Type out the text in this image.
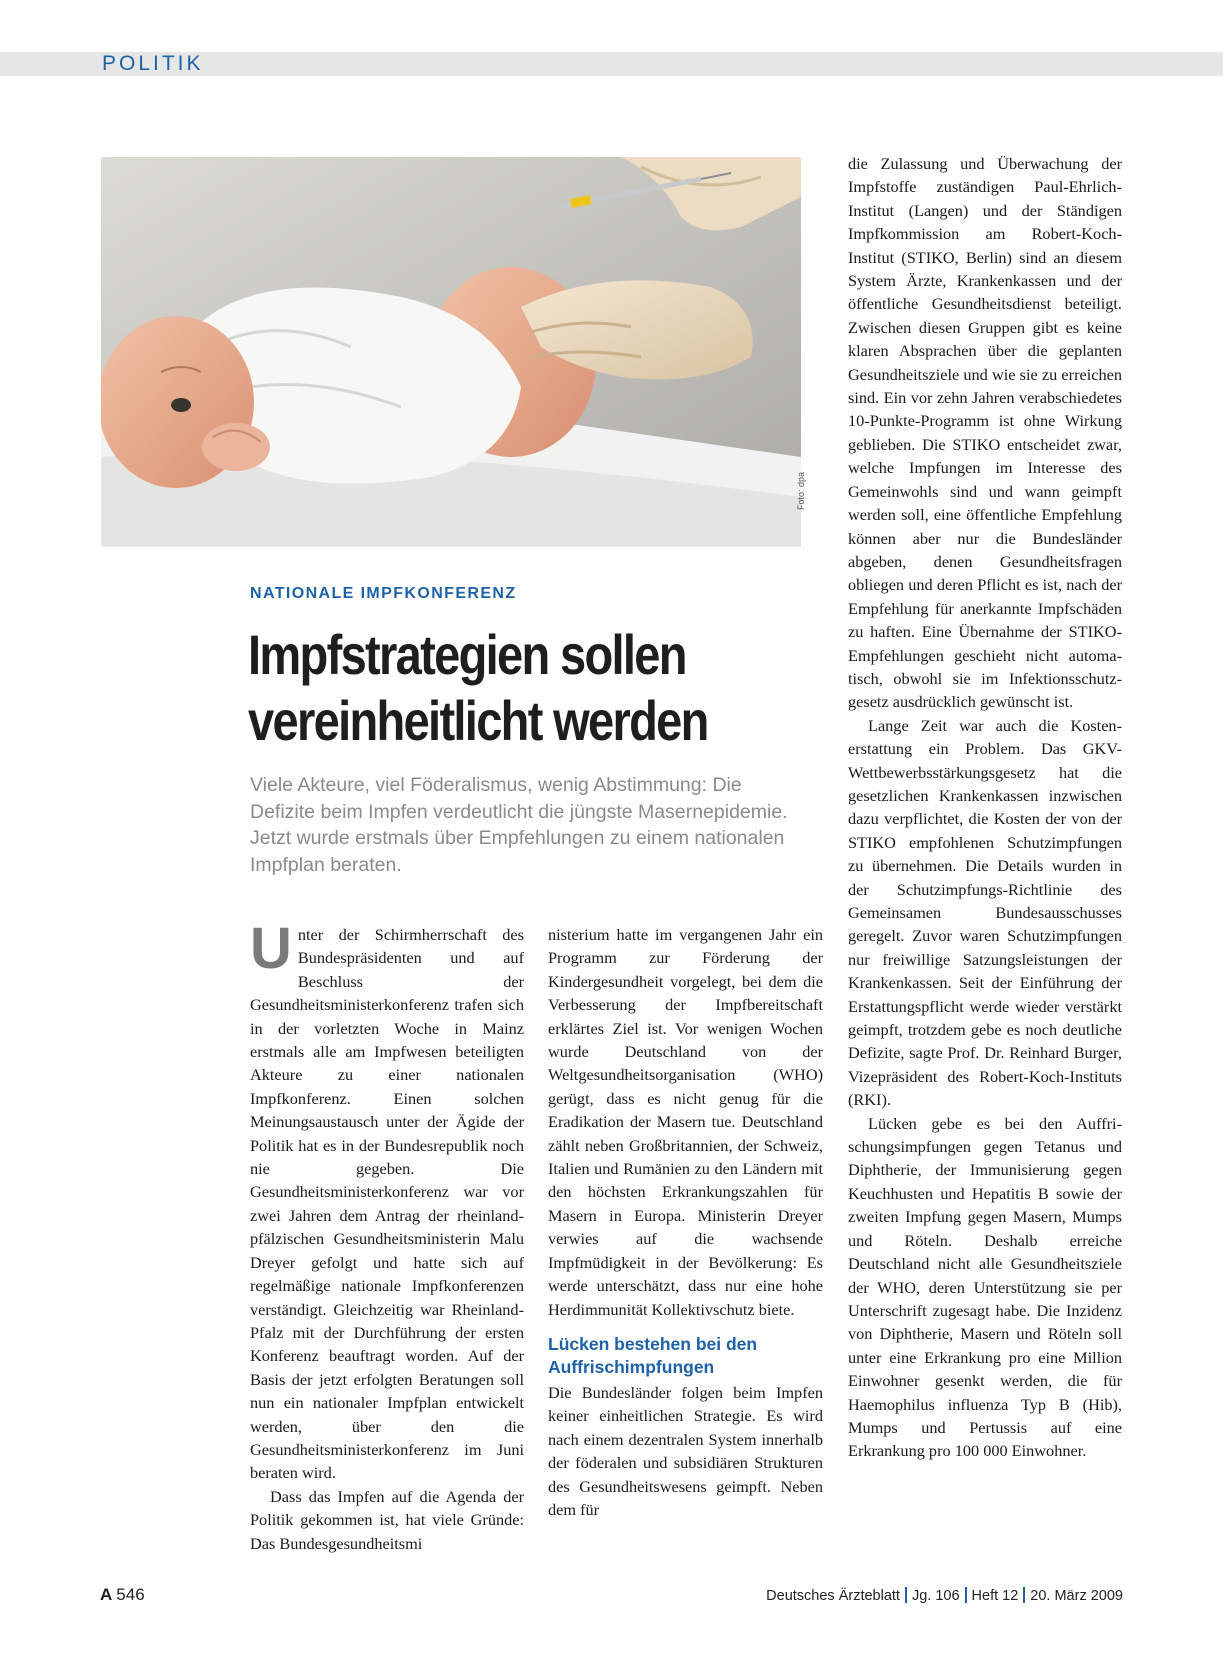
POLITIK
Foto: dpa
NATIONALE IMPFKONFERENZ
Impfstrategien sollen
vereinheitlicht werden

Viele Akteure, viel Föderalismus, wenig Abstimmung: Die Defizite beim Impfen verdeutlicht die jüngste Masernepidemie. Jetzt wurde erstmals über Empfehlungen zu einem nationalen Impfplan beraten.

Unter der Schirmherrschaft des Bundespräsidenten und auf Beschluss der Gesundheitsministerkonferenz trafen sich in der vorletzten Woche in Mainz erstmals alle am Impfwesen beteiligten Akteure zu einer nationalen Impfkonferenz. Einen solchen Meinungsaustausch unter der Ägide der Politik hat es in der Bundesrepublik noch nie gegeben. Die Gesundheitsministerkonferenz war vor zwei Jahren dem Antrag der rheinland-pfälzischen Gesundheitsministerin Malu Dreyer gefolgt und hatte sich auf regelmäßige nationale Impfkonferenzen verständigt. Gleichzeitig war Rheinland-Pfalz mit der Durchführung der ersten Konferenz beauftragt worden. Auf der Basis der jetzt erfolgten Beratungen soll nun ein nationaler Impfplan entwickelt werden, über den die Gesundheitsministerkonferenz im Juni beraten wird.

Dass das Impfen auf die Agenda der Politik gekommen ist, hat viele Gründe: Das Bundesgesundheitsmi

nisterium hatte im vergangenen Jahr ein Programm zur Förderung der Kindergesundheit vorgelegt, bei dem die Verbesserung der Impfbereitschaft erklärtes Ziel ist. Vor wenigen Wochen wurde Deutschland von der Weltgesundheitsorganisation (WHO) gerügt, dass es nicht genug für die Eradikation der Masern tue. Deutschland zählt neben Großbritannien, der Schweiz, Italien und Rumänien zu den Ländern mit den höchsten Erkrankungszahlen für Masern in Europa. Ministerin Dreyer verwies auf die wachsende Impfmüdigkeit in der Bevölkerung: Es werde unterschätzt, dass nur eine hohe Herdimmunität Kollektivschutz biete.

Lücken bestehen bei den Auffrischimpfungen

Die Bundesländer folgen beim Impfen keiner einheitlichen Strategie. Es wird nach einem dezentralen System innerhalb der föderalen und subsidiären Strukturen des Gesundheitswesens geimpft. Neben dem für

die Zulassung und Überwachung der Impfstoffe zuständigen Paul-Ehrlich-Institut (Langen) und der Ständigen Impfkommission am Robert-Koch-Institut (STIKO, Berlin) sind an diesem System Ärzte, Krankenkassen und der öffentliche Gesundheitsdienst beteiligt. Zwischen diesen Gruppen gibt es keine klaren Absprachen über die geplanten Gesundheitsziele und wie sie zu erreichen sind. Ein vor zehn Jahren verabschiedetes 10-Punkte-Programm ist ohne Wirkung geblieben. Die STIKO entscheidet zwar, welche Impfungen im Interesse des Gemeinwohls sind und wann geimpft werden soll, eine öffentliche Empfehlung können aber nur die Bundesländer abgeben, denen Gesundheitsfragen obliegen und deren Pflicht es ist, nach der Empfehlung für anerkannte Impfschäden zu haften. Eine Übernahme der STIKO-Empfehlungen geschieht nicht automatisch, obwohl sie im Infektionsschutzgesetz ausdrücklich gewünscht ist.

Lange Zeit war auch die Kostenerstattung ein Problem. Das GKV-Wettbewerbsstärkungsgesetz hat die gesetzlichen Krankenkassen inzwischen dazu verpflichtet, die Kosten der von der STIKO empfohlenen Schutzimpfungen zu übernehmen. Die Details wurden in der Schutzimpfungs-Richtlinie des Gemeinsamen Bundesausschusses geregelt. Zuvor waren Schutzimpfungen nur freiwillige Satzungsleistungen der Krankenkassen. Seit der Einführung der Erstattungspflicht werde wieder verstärkt geimpft, trotzdem gebe es noch deutliche Defizite, sagte Prof. Dr. Reinhard Burger, Vizepräsident des Robert-Koch-Instituts (RKI).

Lücken gebe es bei den Auffrischungsimpfungen gegen Tetanus und Diphtherie, der Immunisierung gegen Keuchhusten und Hepatitis B sowie der zweiten Impfung gegen Masern, Mumps und Röteln. Deshalb erreiche Deutschland nicht alle Gesundheitsziele der WHO, deren Unterstützung sie per Unterschrift zugesagt habe. Die Inzidenz von Diphtherie, Masern und Röteln soll unter eine Erkrankung pro eine Million Einwohner gesenkt werden, die für Haemophilus influenza Typ B (Hib), Mumps und Pertussis auf eine Erkrankung pro 100 000 Einwohner.

A 546	Deutsches Ärzteblatt Jg. 106 Heft 12 20. März 2009
